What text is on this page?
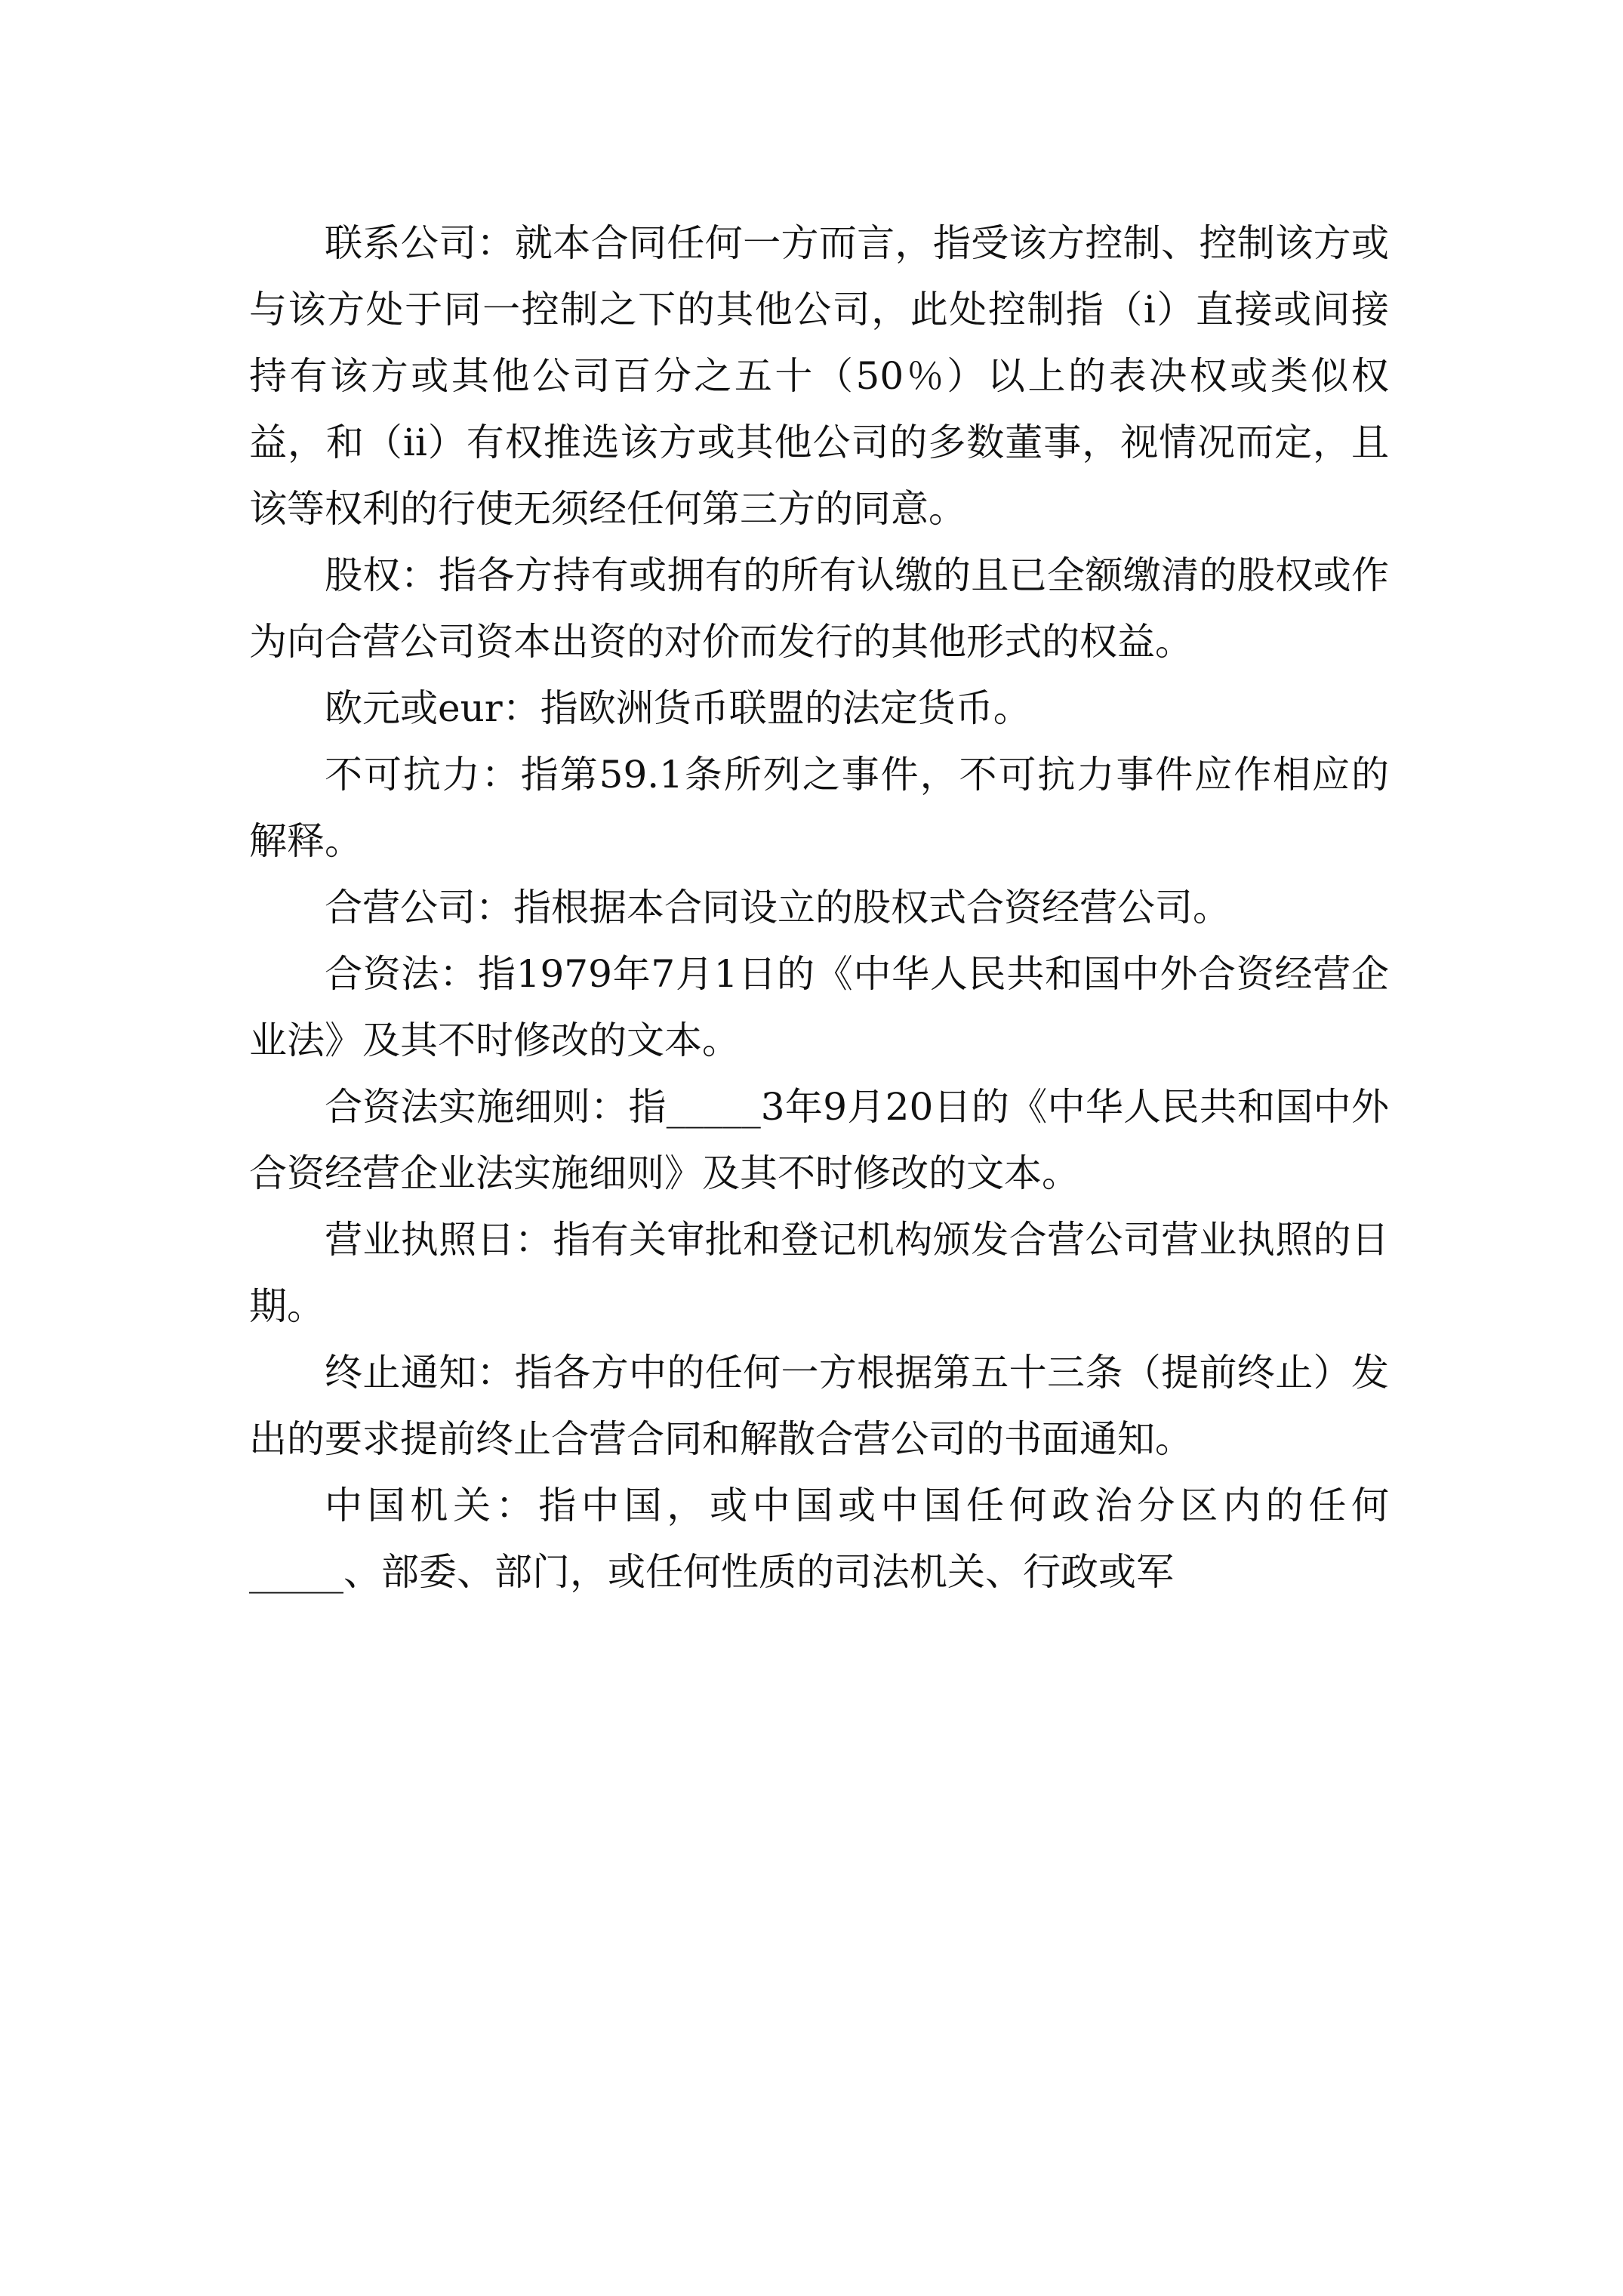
联系公司：就本合同任何一方而言，指受该方控制、控制该方或与该方处于同一控制之下的其他公司，此处控制指（i）直接或间接持有该方或其他公司百分之五十（50％）以上的表决权或类似权益，和（ii）有权推选该方或其他公司的多数董事，视情况而定，且该等权利的行使无须经任何第三方的同意。

股权：指各方持有或拥有的所有认缴的且已全额缴清的股权或作为向合营公司资本出资的对价而发行的其他形式的权益。

欧元或eur：指欧洲货币联盟的法定货币。

不可抗力：指第59.1条所列之事件，不可抗力事件应作相应的解释。

合营公司：指根据本合同设立的股权式合资经营公司。

合资法：指1979年7月1日的《中华人民共和国中外合资经营企业法》及其不时修改的文本。

合资法实施细则：指_____3年9月20日的《中华人民共和国中外合资经营企业法实施细则》及其不时修改的文本。

营业执照日：指有关审批和登记机构颁发合营公司营业执照的日期。

终止通知：指各方中的任何一方根据第五十三条（提前终止）发出的要求提前终止合营合同和解散合营公司的书面通知。

中国机关：指中国，或中国或中国任何政治分区内的任何_____、部委、部门，或任何性质的司法机关、行政或军
